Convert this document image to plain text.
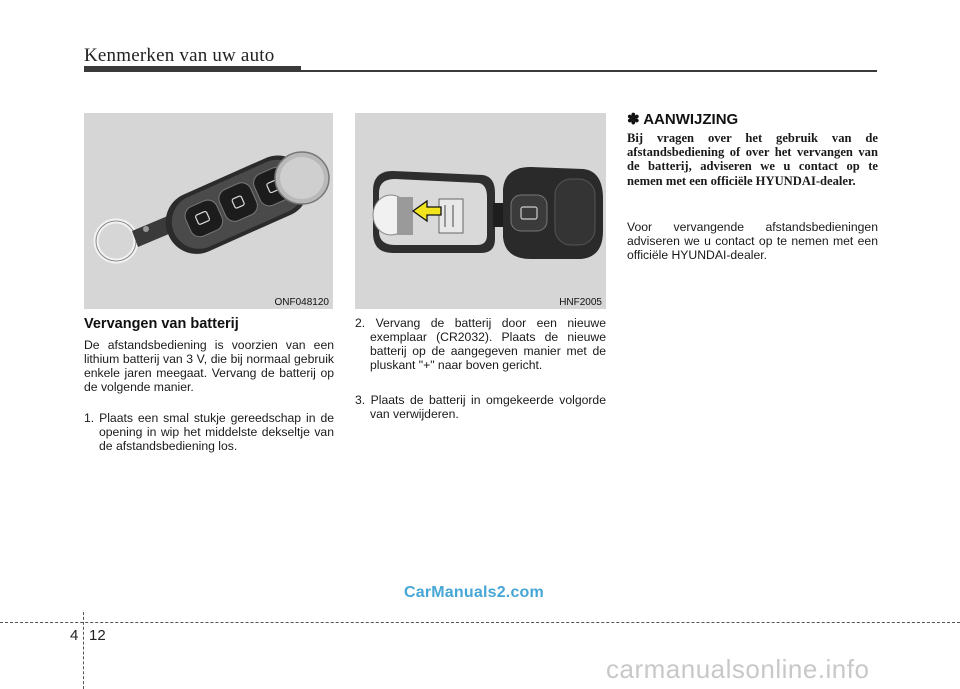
Kenmerken van uw auto
ONF048120	HNF2005
Vervangen van batterij
De afstandsbediening is voorzien van een lithium batterij van 3 V, die bij normaal gebruik enkele jaren meegaat. Vervang de batterij op de volgende manier.
1. Plaats een smal stukje gereedschap in de opening in wip het middelste dekseltje van de afstandsbediening los.
2. Vervang de batterij door een nieuwe exemplaar (CR2032). Plaats de nieuwe batterij op de aangegeven manier met de pluskant "+" naar boven gericht.
3. Plaats de batterij in omgekeerde volgorde van verwijderen.
✽ AANWIJZING
Bij vragen over het gebruik van de afstandsbediening of over het vervangen van de batterij, adviseren we u contact op te nemen met een officiële HYUNDAI-dealer.
Voor vervangende afstandsbedieningen adviseren we u contact op te nemen met een officiële HYUNDAI-dealer.
CarManuals2.com
4 12
carmanualsonline.info
